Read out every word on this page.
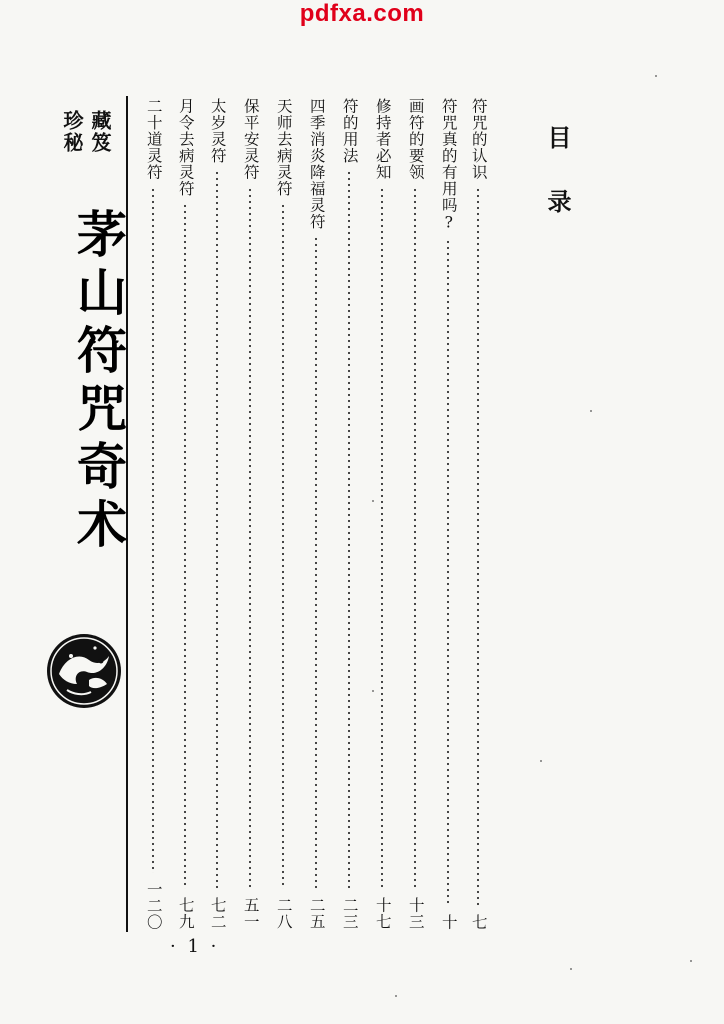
pdfxa.com
目录
符咒的认识
七
符咒真的有用吗?
十
画符的要领
十三
修持者必知
十七
符的用法
二三
四季消炎降福灵符
二五
天师去病灵符
二八
保平安灵符
五一
太岁灵符
七二
月令去病灵符
七九
二十道灵符
一二〇
藏笈
珍秘
茅山符咒奇术
· 1 ·
